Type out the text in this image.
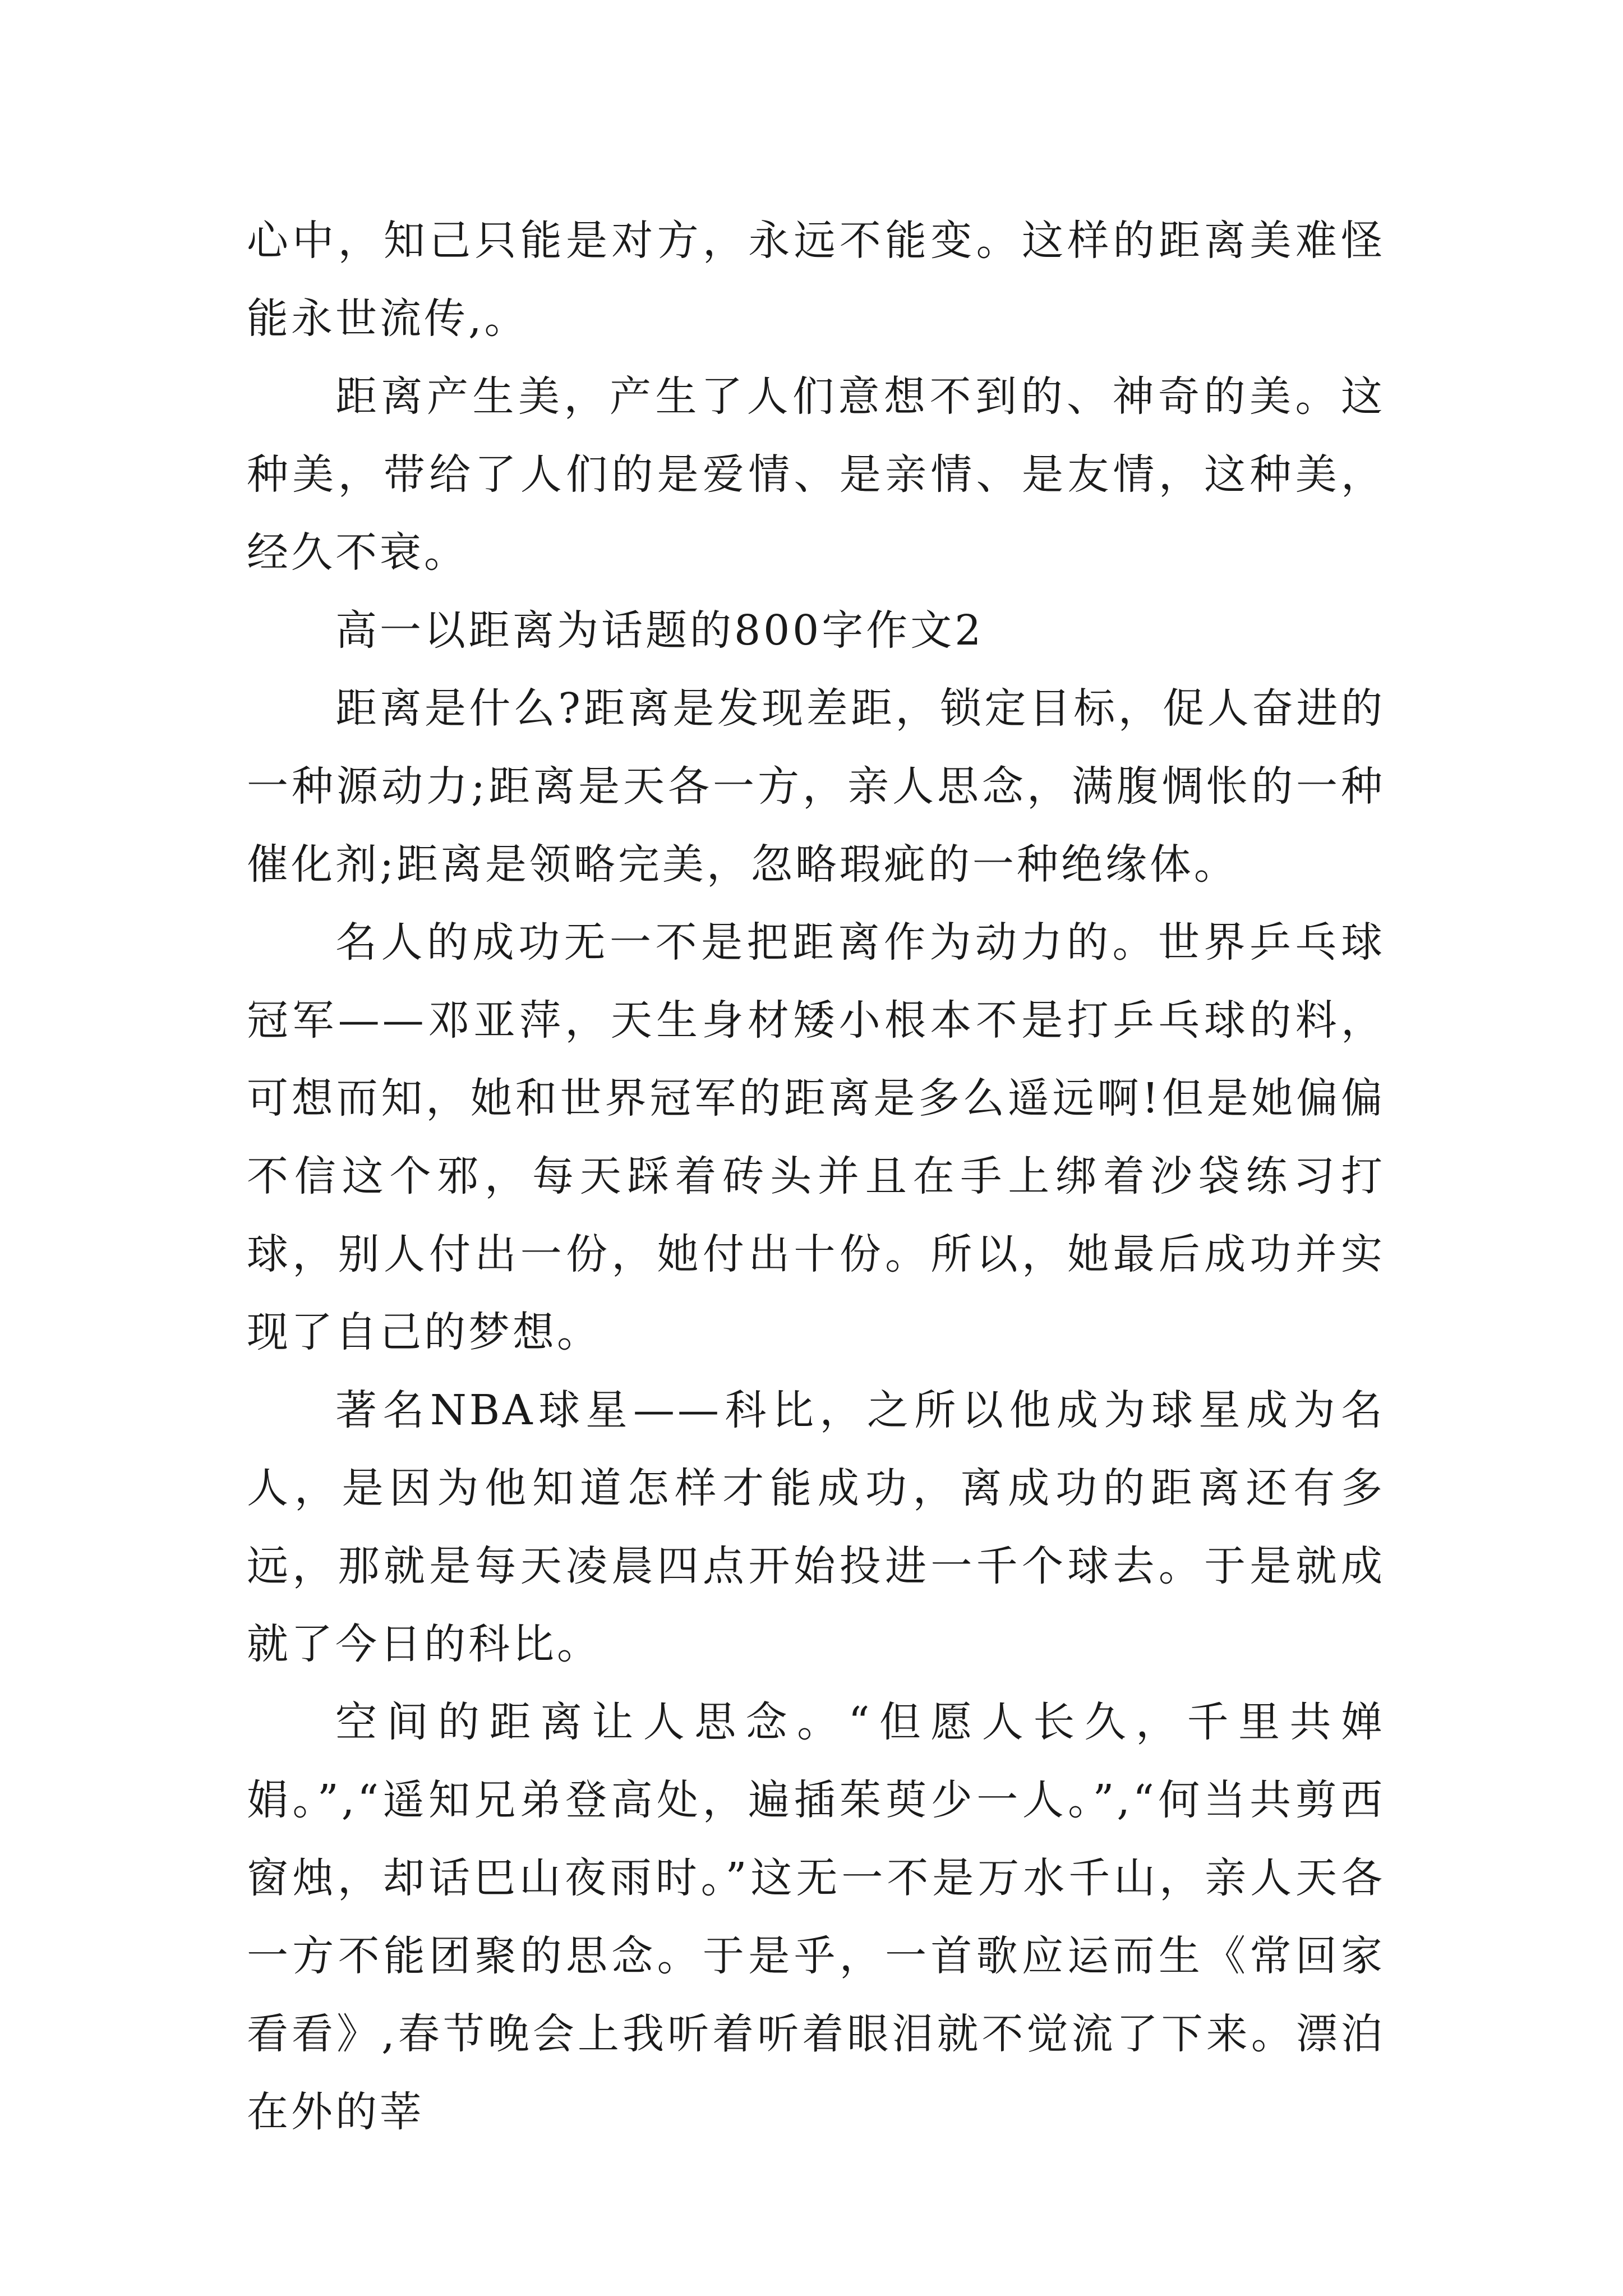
心中，知己只能是对方，永远不能变。这样的距离美难怪能永世流传,。

距离产生美，产生了人们意想不到的、神奇的美。这种美，带给了人们的是爱情、是亲情、是友情，这种美，经久不衰。

高一以距离为话题的800字作文2

距离是什么?距离是发现差距，锁定目标，促人奋进的一种源动力;距离是天各一方，亲人思念，满腹惆怅的一种催化剂;距离是领略完美，忽略瑕疵的一种绝缘体。

名人的成功无一不是把距离作为动力的。世界乒乓球冠军——邓亚萍，天生身材矮小根本不是打乒乓球的料，可想而知，她和世界冠军的距离是多么遥远啊!但是她偏偏不信这个邪，每天踩着砖头并且在手上绑着沙袋练习打球，别人付出一份，她付出十份。所以，她最后成功并实现了自己的梦想。

著名NBA球星——科比，之所以他成为球星成为名人，是因为他知道怎样才能成功，离成功的距离还有多远，那就是每天凌晨四点开始投进一千个球去。于是就成就了今日的科比。

空间的距离让人思念。“但愿人长久，千里共婵娟。”,“遥知兄弟登高处，遍插茱萸少一人。”,“何当共剪西窗烛，却话巴山夜雨时。”这无一不是万水千山，亲人天各一方不能团聚的思念。于是乎，一首歌应运而生《常回家看看》,春节晚会上我听着听着眼泪就不觉流了下来。漂泊在外的莘
